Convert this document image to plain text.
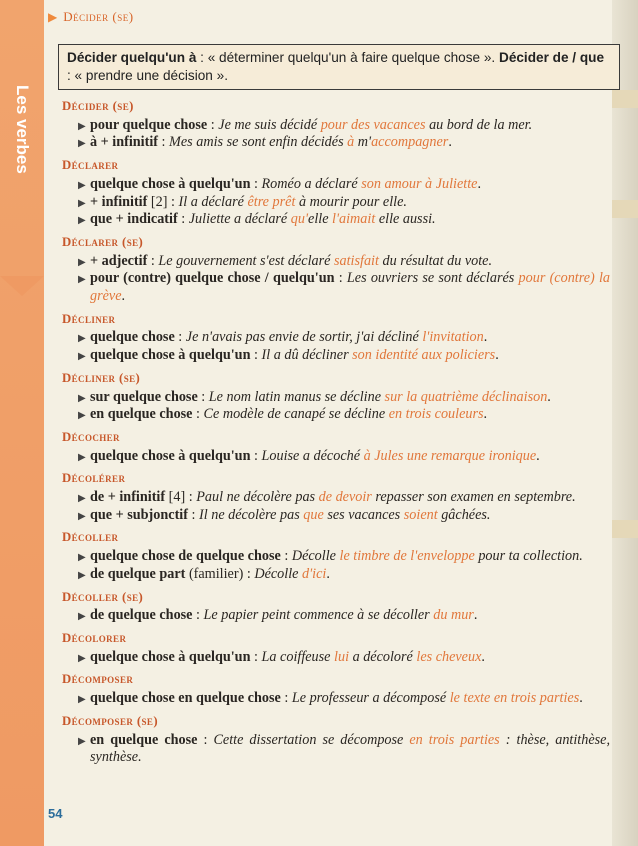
Les verbes
▶ Décider (se)
Décider quelqu'un à : « déterminer quelqu'un à faire quelque chose ». Décider de / que : « prendre une décision ».
Décider (se)
▶ pour quelque chose : Je me suis décidé pour des vacances au bord de la mer.
▶ à + infinitif : Mes amis se sont enfin décidés à m'accompagner.
Déclarer
▶ quelque chose à quelqu'un : Roméo a déclaré son amour à Juliette.
▶ + infinitif [2] : Il a déclaré être prêt à mourir pour elle.
▶ que + indicatif : Juliette a déclaré qu'elle l'aimait elle aussi.
Déclarer (se)
▶ + adjectif : Le gouvernement s'est déclaré satisfait du résultat du vote.
▶ pour (contre) quelque chose / quelqu'un : Les ouvriers se sont déclarés pour (contre) la grève.
Décliner
▶ quelque chose : Je n'avais pas envie de sortir, j'ai décliné l'invitation.
▶ quelque chose à quelqu'un : Il a dû décliner son identité aux policiers.
Décliner (se)
▶ sur quelque chose : Le nom latin manus se décline sur la quatrième déclinaison.
▶ en quelque chose : Ce modèle de canapé se décline en trois couleurs.
Décocher
▶ quelque chose à quelqu'un : Louise a décoché à Jules une remarque ironique.
Décolérer
▶ de + infinitif [4] : Paul ne décolère pas de devoir repasser son examen en septembre.
▶ que + subjonctif : Il ne décolère pas que ses vacances soient gâchées.
Décoller
▶ quelque chose de quelque chose : Décolle le timbre de l'enveloppe pour ta collection.
▶ de quelque part (familier) : Décolle d'ici.
Décoller (se)
▶ de quelque chose : Le papier peint commence à se décoller du mur.
Décolorer
▶ quelque chose à quelqu'un : La coiffeuse lui a décoloré les cheveux.
Décomposer
▶ quelque chose en quelque chose : Le professeur a décomposé le texte en trois parties.
Décomposer (se)
▶ en quelque chose : Cette dissertation se décompose en trois parties : thèse, antithèse, synthèse.
54
